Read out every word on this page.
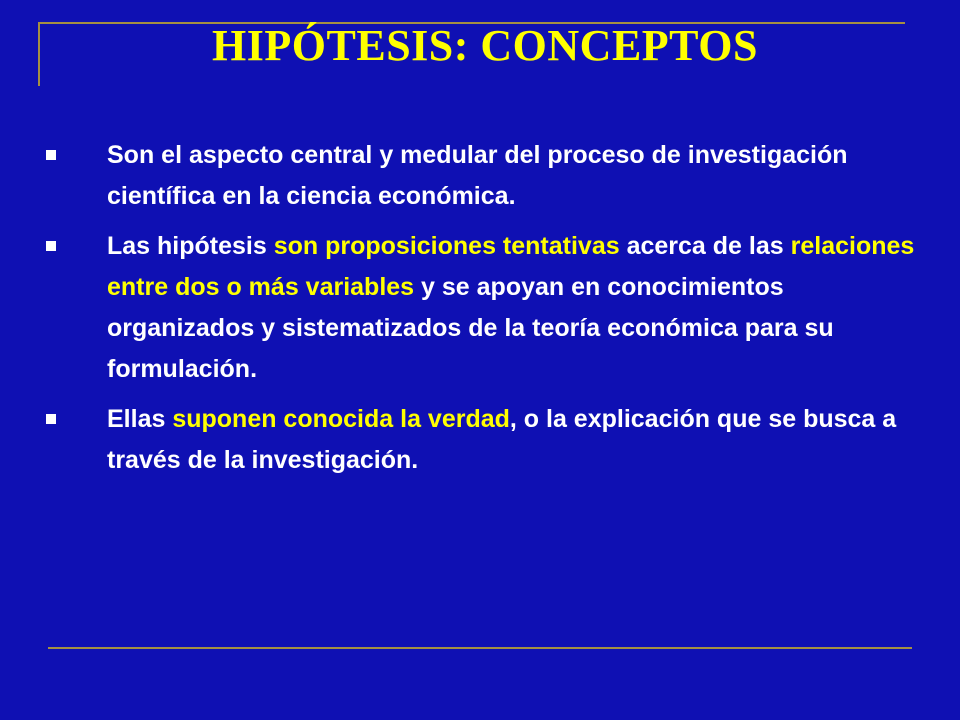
HIPÓTESIS: CONCEPTOS
Son el aspecto central y medular del proceso de investigación científica en la ciencia económica.
Las hipótesis son proposiciones tentativas acerca de las relaciones entre dos o más variables y se apoyan en conocimientos organizados y sistematizados de la teoría económica para su formulación.
Ellas suponen conocida la verdad, o la explicación que se busca a través de la investigación.
